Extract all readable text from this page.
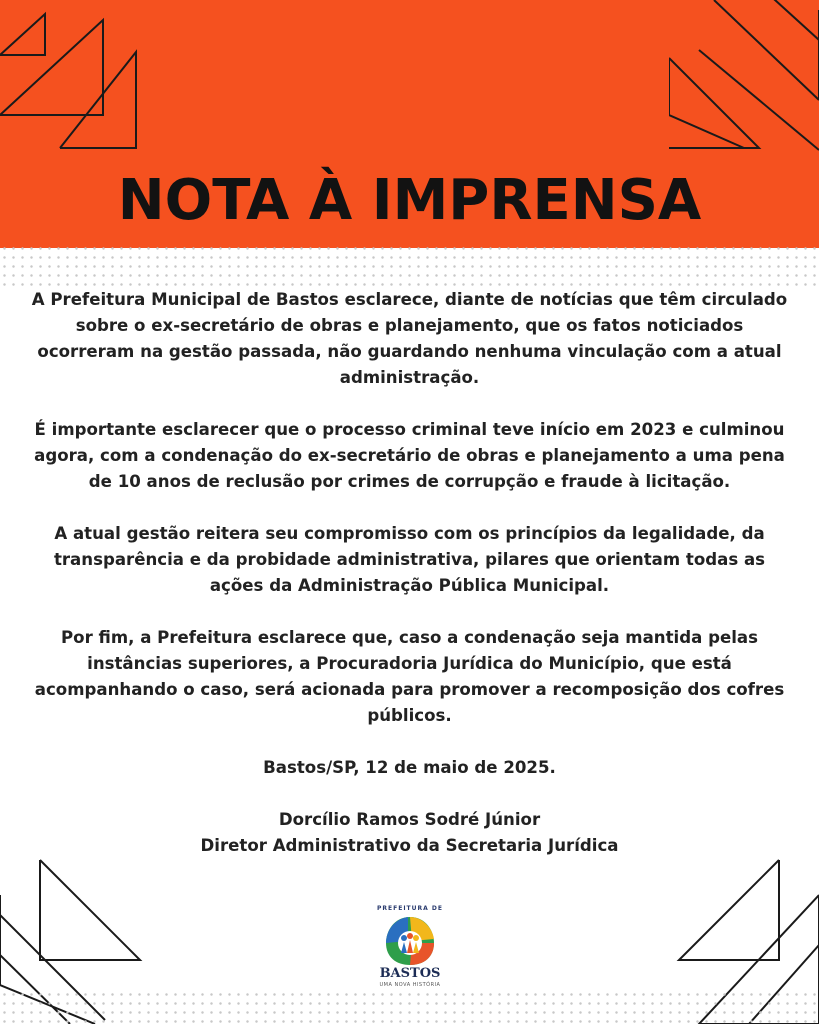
NOTA À IMPRENSA

A Prefeitura Municipal de Bastos esclarece, diante de notícias que têm circulado sobre o ex-secretário de obras e planejamento, que os fatos noticiados ocorreram na gestão passada, não guardando nenhuma vinculação com a atual administração.

É importante esclarecer que o processo criminal teve início em 2023 e culminou agora, com a condenação do ex-secretário de obras e planejamento a uma pena de 10 anos de reclusão por crimes de corrupção e fraude à licitação.

A atual gestão reitera seu compromisso com os princípios da legalidade, da transparência e da probidade administrativa, pilares que orientam todas as ações da Administração Pública Municipal.

Por fim, a Prefeitura esclarece que, caso a condenação seja mantida pelas instâncias superiores, a Procuradoria Jurídica do Município, que está acompanhando o caso, será acionada para promover a recomposição dos cofres públicos.

Bastos/SP, 12 de maio de 2025.

Dorcílio Ramos Sodré Júnior

Diretor Administrativo da Secretaria Jurídica

PREFEITURA DE
BASTOS
UMA NOVA HISTÓRIA
